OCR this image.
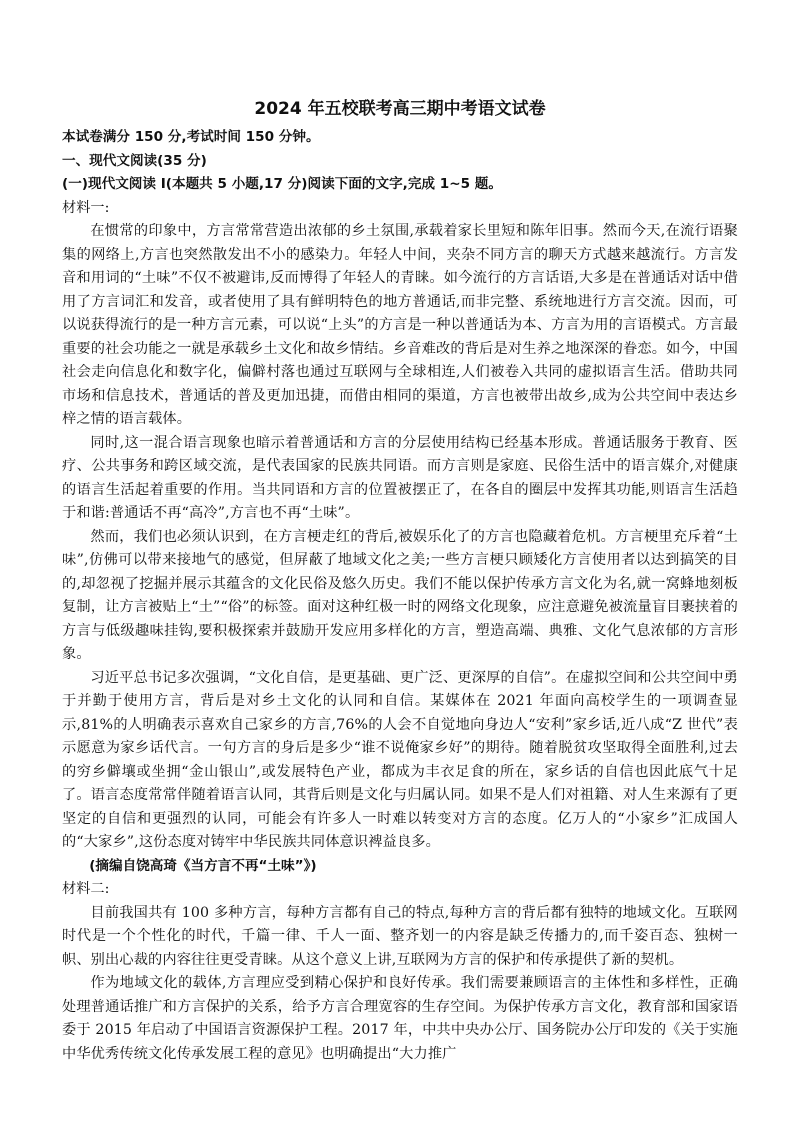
2024 年五校联考高三期中考语文试卷

本试卷满分 150 分,考试时间 150 分钟。

一、现代文阅读(35 分)

(一)现代文阅读 I(本题共 5 小题,17 分)阅读下面的文字,完成 1~5 题。

材料一:

在惯常的印象中，方言常常营造出浓郁的乡土氛围,承载着家长里短和陈年旧事。然而今天,在流行语聚集的网络上,方言也突然散发出不小的感染力。年轻人中间，夹杂不同方言的聊天方式越来越流行。方言发音和用词的“土味”不仅不被避讳,反而博得了年轻人的青睐。如今流行的方言话语,大多是在普通话对话中借用了方言词汇和发音，或者使用了具有鲜明特色的地方普通话,而非完整、系统地进行方言交流。因而，可以说获得流行的是一种方言元素，可以说“上头”的方言是一种以普通话为本、方言为用的言语模式。方言最重要的社会功能之一就是承载乡土文化和故乡情结。乡音难改的背后是对生养之地深深的眷恋。如今，中国社会走向信息化和数字化，偏僻村落也通过互联网与全球相连,人们被卷入共同的虚拟语言生活。借助共同市场和信息技术，普通话的普及更加迅捷，而借由相同的渠道，方言也被带出故乡,成为公共空间中表达乡梓之情的语言载体。

同时,这一混合语言现象也暗示着普通话和方言的分层使用结构已经基本形成。普通话服务于教育、医疗、公共事务和跨区域交流，是代表国家的民族共同语。而方言则是家庭、民俗生活中的语言媒介,对健康的语言生活起着重要的作用。当共同语和方言的位置被摆正了，在各自的圈层中发挥其功能,则语言生活趋于和谐:普通话不再“高冷”,方言也不再“土味”。

然而，我们也必须认识到，在方言梗走红的背后,被娱乐化了的方言也隐藏着危机。方言梗里充斥着“土味”,仿佛可以带来接地气的感觉，但屏蔽了地域文化之美;一些方言梗只顾矮化方言使用者以达到搞笑的目的,却忽视了挖掘并展示其蕴含的文化民俗及悠久历史。我们不能以保护传承方言文化为名,就一窝蜂地刻板复制，让方言被贴上“土”“俗”的标签。面对这种红极一时的网络文化现象，应注意避免被流量盲目裹挟着的方言与低级趣味挂钩,要积极探索并鼓励开发应用多样化的方言，塑造高端、典雅、文化气息浓郁的方言形象。

习近平总书记多次强调，“文化自信，是更基础、更广泛、更深厚的自信”。在虚拟空间和公共空间中勇于并勤于使用方言，背后是对乡土文化的认同和自信。某媒体在 2021 年面向高校学生的一项调查显示,81%的人明确表示喜欢自己家乡的方言,76%的人会不自觉地向身边人“安利”家乡话,近八成“Z 世代”表示愿意为家乡话代言。一句方言的身后是多少“谁不说俺家乡好”的期待。随着脱贫攻坚取得全面胜利,过去的穷乡僻壤或坐拥“金山银山”,或发展特色产业，都成为丰衣足食的所在，家乡话的自信也因此底气十足了。语言态度常常伴随着语言认同，其背后则是文化与归属认同。如果不是人们对祖籍、对人生来源有了更坚定的自信和更强烈的认同，可能会有许多人一时难以转变对方言的态度。亿万人的“小家乡”汇成国人的“大家乡”,这份态度对铸牢中华民族共同体意识裨益良多。

(摘编自饶高琦《当方言不再“土味”》)

材料二:

目前我国共有 100 多种方言，每种方言都有自己的特点,每种方言的背后都有独特的地域文化。互联网时代是一个个性化的时代，千篇一律、千人一面、整齐划一的内容是缺乏传播力的,而千姿百态、独树一帜、别出心裁的内容往往更受青睐。从这个意义上讲,互联网为方言的保护和传承提供了新的契机。

作为地域文化的载体,方言理应受到精心保护和良好传承。我们需要兼顾语言的主体性和多样性，正确处理普通话推广和方言保护的关系，给予方言合理宽容的生存空间。为保护传承方言文化，教育部和国家语委于 2015 年启动了中国语言资源保护工程。2017 年，中共中央办公厅、国务院办公厅印发的《关于实施中华优秀传统文化传承发展工程的意见》也明确提出“大力推广
